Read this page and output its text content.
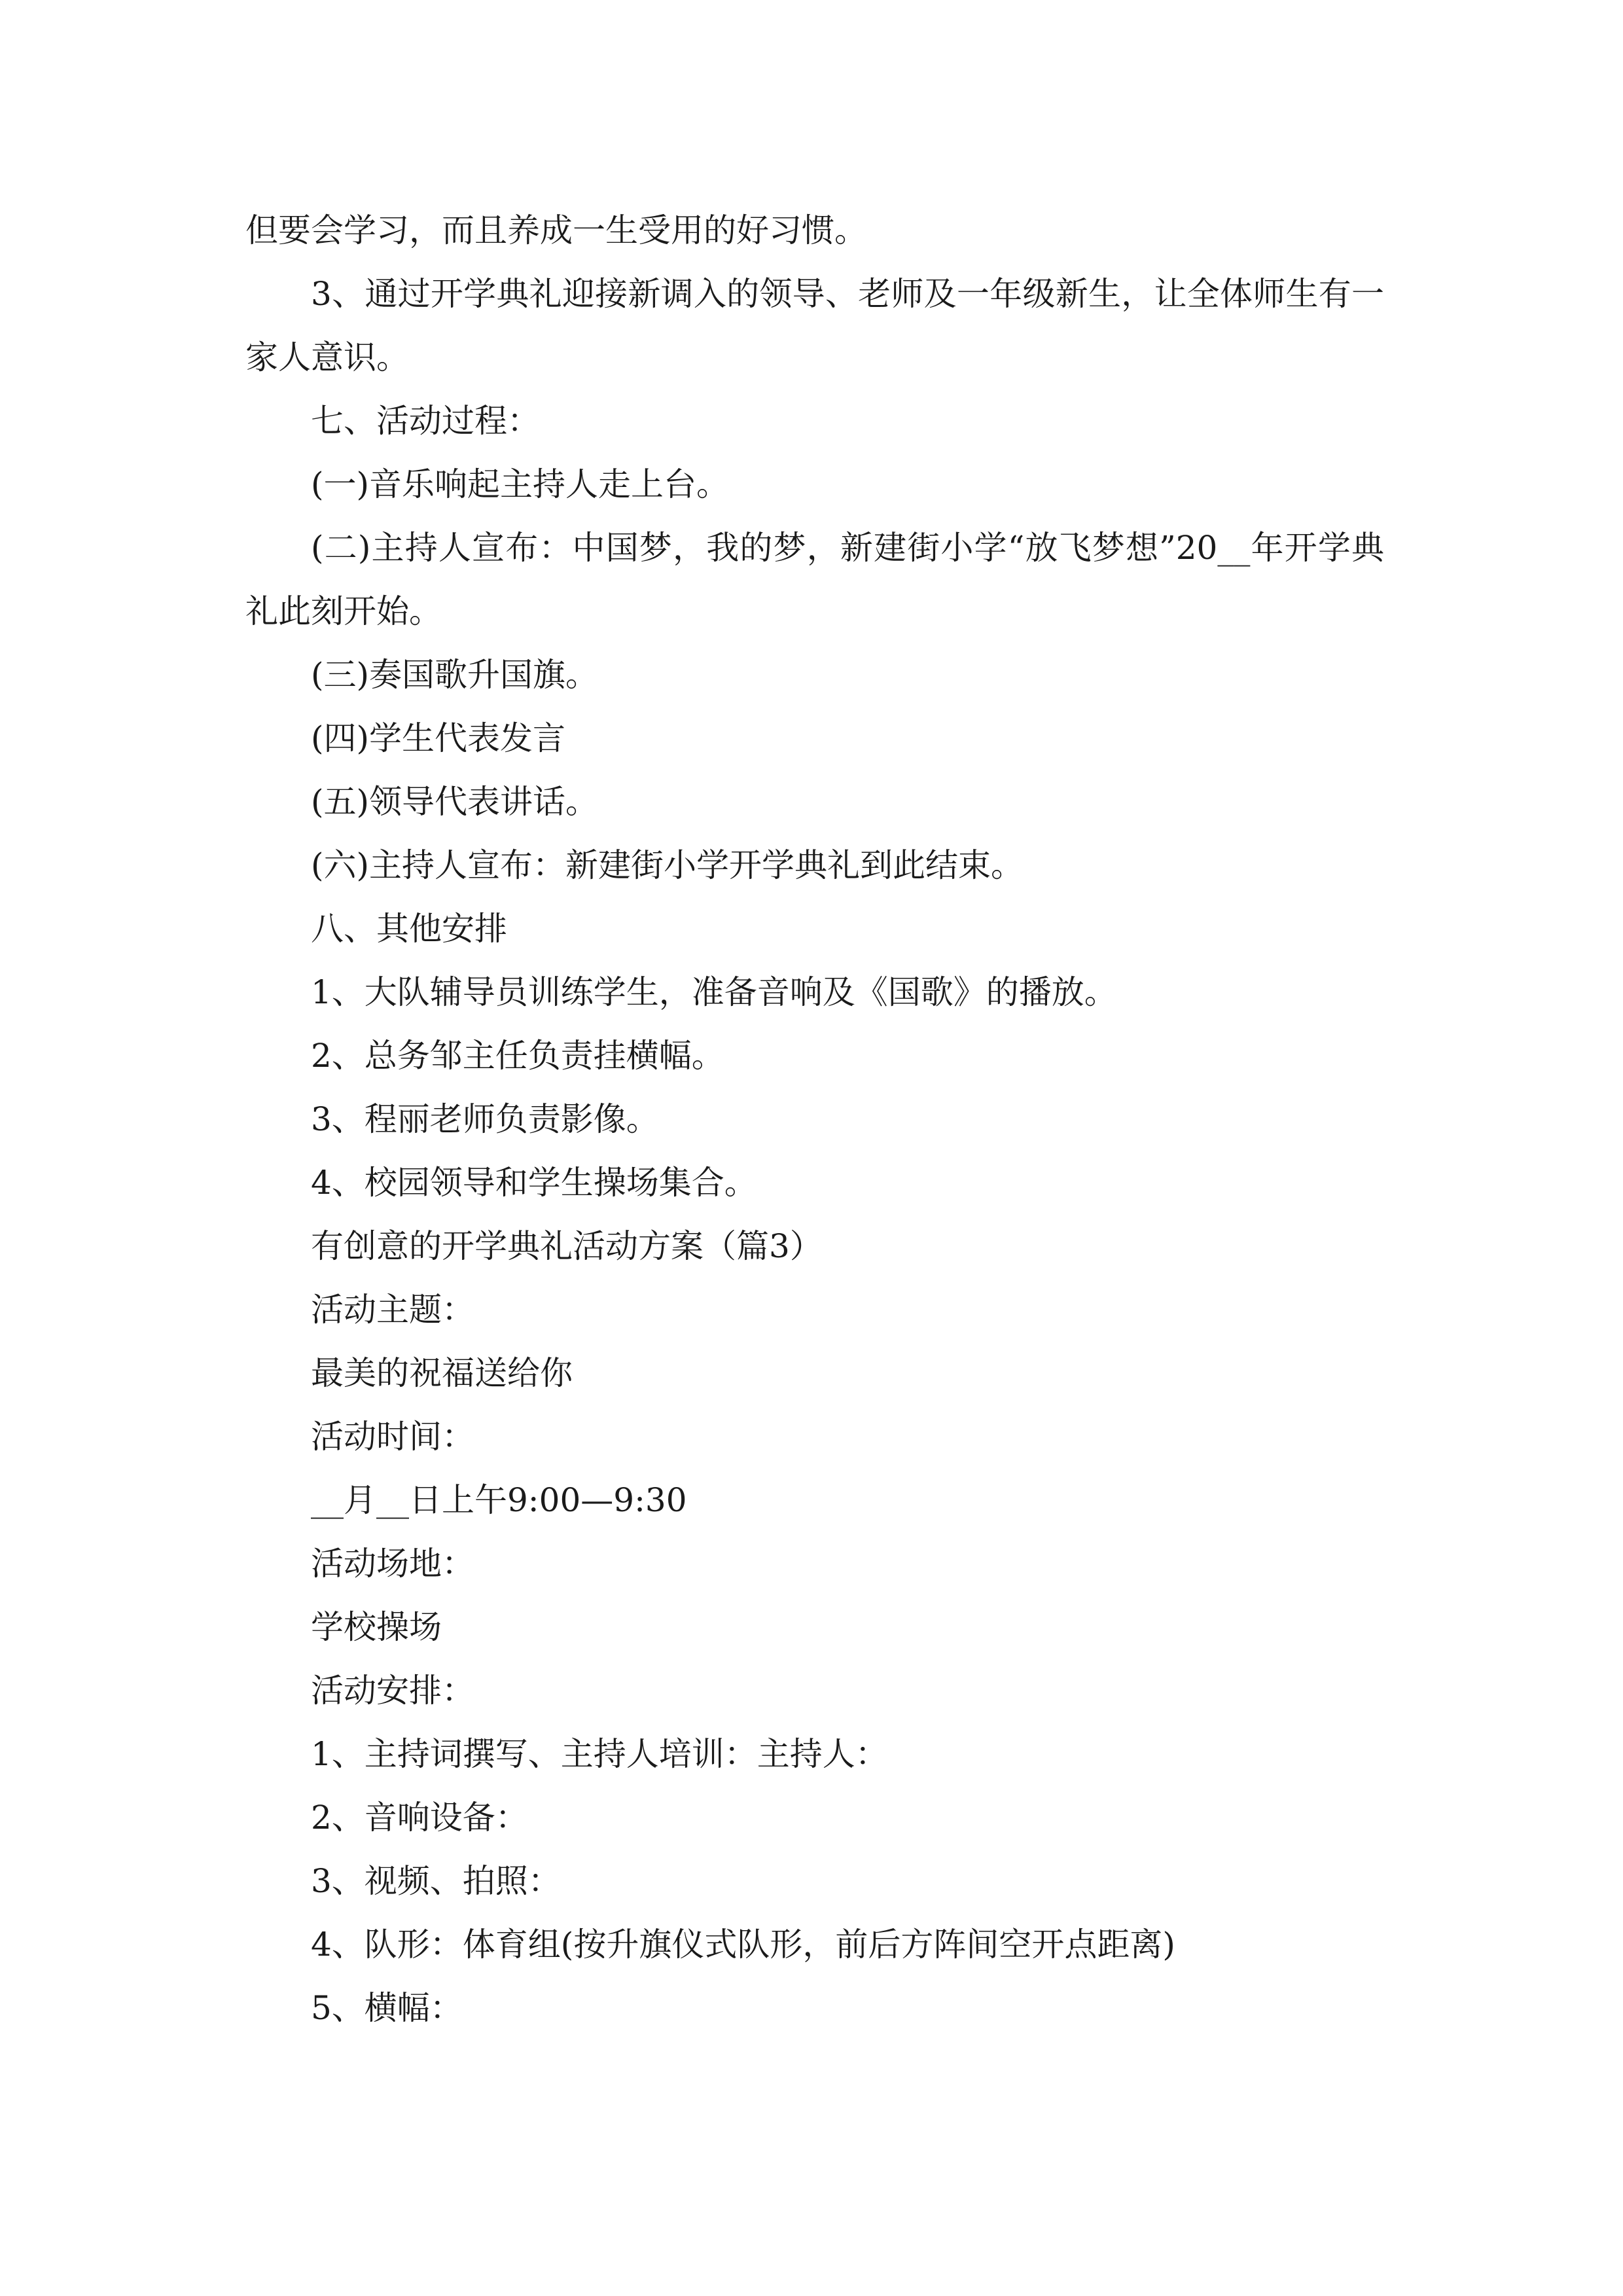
但要会学习，而且养成一生受用的好习惯。
3、通过开学典礼迎接新调入的领导、老师及一年级新生，让全体师生有一
家人意识。
七、活动过程：
(一)音乐响起主持人走上台。
(二)主持人宣布：中国梦，我的梦，新建街小学“放飞梦想”20__年开学典
礼此刻开始。
(三)奏国歌升国旗。
(四)学生代表发言
(五)领导代表讲话。
(六)主持人宣布：新建街小学开学典礼到此结束。
八、其他安排
1、大队辅导员训练学生，准备音响及《国歌》的播放。
2、总务邹主任负责挂横幅。
3、程丽老师负责影像。
4、校园领导和学生操场集合。
有创意的开学典礼活动方案（篇3）
活动主题：
最美的祝福送给你
活动时间：
__月__日上午9:00—9:30
活动场地：
学校操场
活动安排：
1、主持词撰写、主持人培训：主持人：
2、音响设备：
3、视频、拍照：
4、队形：体育组(按升旗仪式队形，前后方阵间空开点距离)
5、横幅：
